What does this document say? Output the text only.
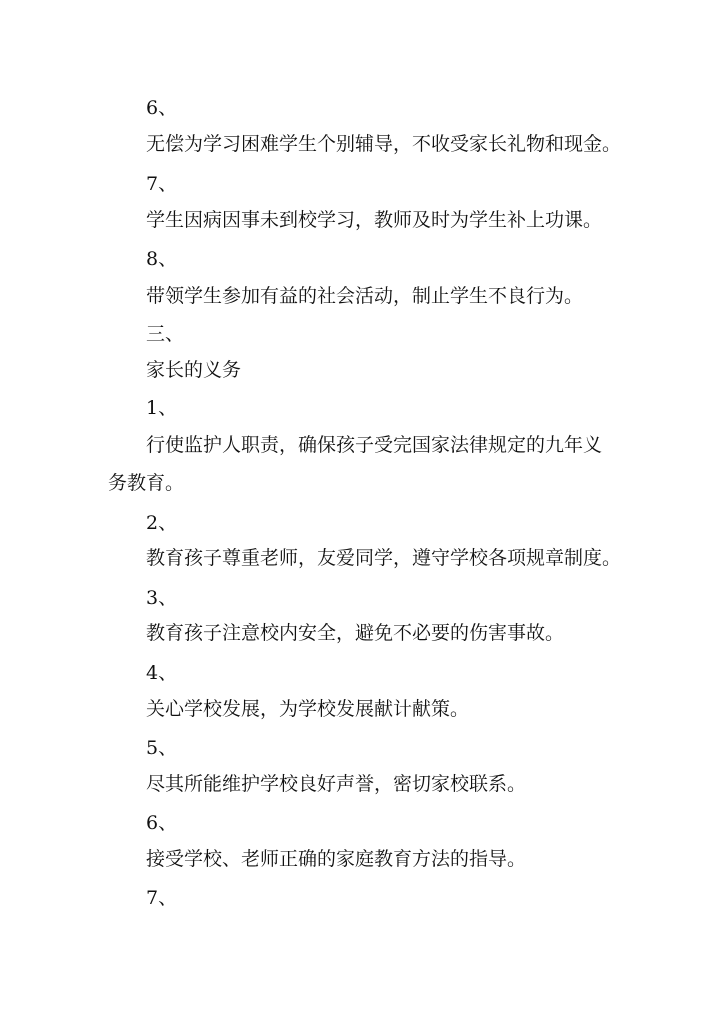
6、
无偿为学习困难学生个别辅导，不收受家长礼物和现金。
7、
学生因病因事未到校学习，教师及时为学生补上功课。
8、
带领学生参加有益的社会活动，制止学生不良行为。
三、
家长的义务
1、
行使监护人职责，确保孩子受完国家法律规定的九年义
务教育。
2、
教育孩子尊重老师，友爱同学，遵守学校各项规章制度。
3、
教育孩子注意校内安全，避免不必要的伤害事故。
4、
关心学校发展，为学校发展献计献策。
5、
尽其所能维护学校良好声誉，密切家校联系。
6、
接受学校、老师正确的家庭教育方法的指导。
7、
